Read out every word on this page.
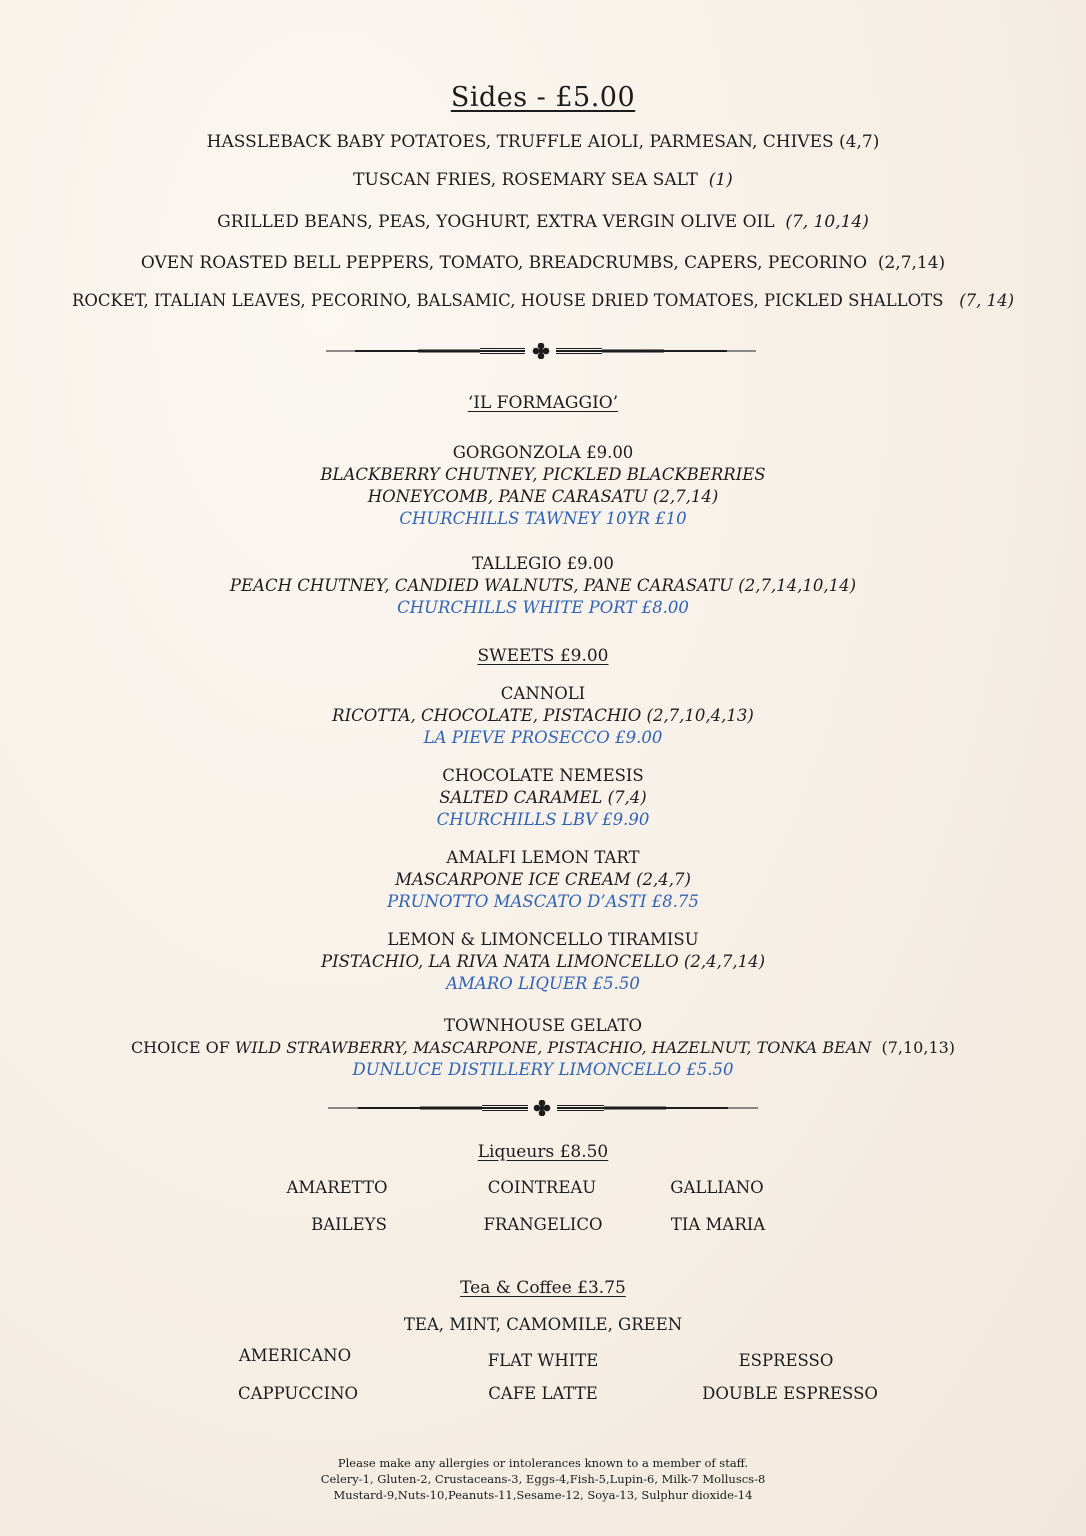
Sides - £5.00
HASSLEBACK BABY POTATOES, TRUFFLE AIOLI, PARMESAN, CHIVES (4,7)
TUSCAN FRIES, ROSEMARY SEA SALT (1)
GRILLED BEANS, PEAS, YOGHURT, EXTRA VERGIN OLIVE OIL (7, 10,14)
OVEN ROASTED BELL PEPPERS, TOMATO, BREADCRUMBS, CAPERS, PECORINO (2,7,14)
ROCKET, ITALIAN LEAVES, PECORINO, BALSAMIC, HOUSE DRIED TOMATOES, PICKLED SHALLOTS (7, 14)
‘IL FORMAGGIO’
GORGONZOLA £9.00
BLACKBERRY CHUTNEY, PICKLED BLACKBERRIES
HONEYCOMB, PANE CARASATU (2,7,14)
CHURCHILLS TAWNEY 10YR £10
TALLEGIO £9.00
PEACH CHUTNEY, CANDIED WALNUTS, PANE CARASATU (2,7,14,10,14)
CHURCHILLS WHITE PORT £8.00
SWEETS £9.00
CANNOLI
RICOTTA, CHOCOLATE, PISTACHIO (2,7,10,4,13)
LA PIEVE PROSECCO £9.00
CHOCOLATE NEMESIS
SALTED CARAMEL (7,4)
CHURCHILLS LBV £9.90
AMALFI LEMON TART
MASCARPONE ICE CREAM (2,4,7)
PRUNOTTO MASCATO D’ASTI £8.75
LEMON & LIMONCELLO TIRAMISU
PISTACHIO, LA RIVA NATA LIMONCELLO (2,4,7,14)
AMARO LIQUER £5.50
TOWNHOUSE GELATO
CHOICE OF WILD STRAWBERRY, MASCARPONE, PISTACHIO, HAZELNUT, TONKA BEAN (7,10,13)
DUNLUCE DISTILLERY LIMONCELLO £5.50
Liqueurs £8.50
AMARETTO	COINTREAU	GALLIANO
BAILEYS	FRANGELICO	TIA MARIA
Tea & Coffee £3.75
TEA, MINT, CAMOMILE, GREEN
AMERICANO	FLAT WHITE	ESPRESSO
CAPPUCCINO	CAFE LATTE	DOUBLE ESPRESSO
Please make any allergies or intolerances known to a member of staff.
Celery-1, Gluten-2, Crustaceans-3, Eggs-4,Fish-5,Lupin-6, Milk-7 Molluscs-8
Mustard-9,Nuts-10,Peanuts-11,Sesame-12, Soya-13, Sulphur dioxide-14
